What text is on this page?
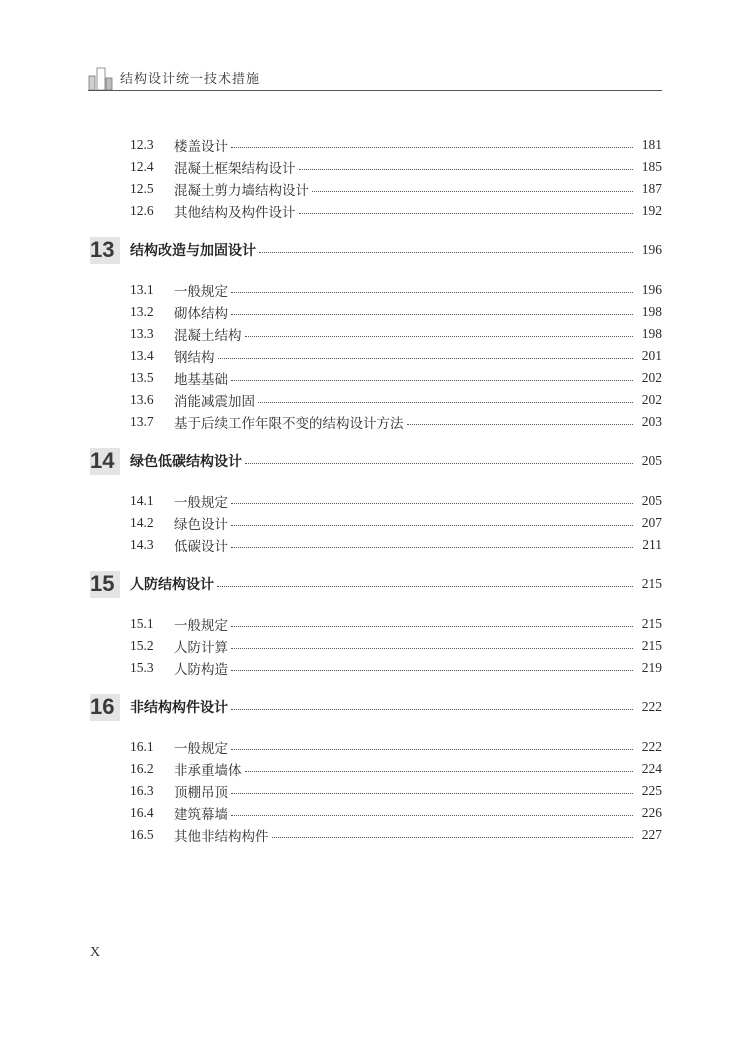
结构设计统一技术措施
12.3	楼盖设计	181
12.4	混凝土框架结构设计	185
12.5	混凝土剪力墙结构设计	187
12.6	其他结构及构件设计	192
13	结构改造与加固设计	196
13.1	一般规定	196
13.2	砌体结构	198
13.3	混凝土结构	198
13.4	钢结构	201
13.5	地基基础	202
13.6	消能减震加固	202
13.7	基于后续工作年限不变的结构设计方法	203
14	绿色低碳结构设计	205
14.1	一般规定	205
14.2	绿色设计	207
14.3	低碳设计	211
15	人防结构设计	215
15.1	一般规定	215
15.2	人防计算	215
15.3	人防构造	219
16	非结构构件设计	222
16.1	一般规定	222
16.2	非承重墙体	224
16.3	顶棚吊顶	225
16.4	建筑幕墙	226
16.5	其他非结构构件	227
X
